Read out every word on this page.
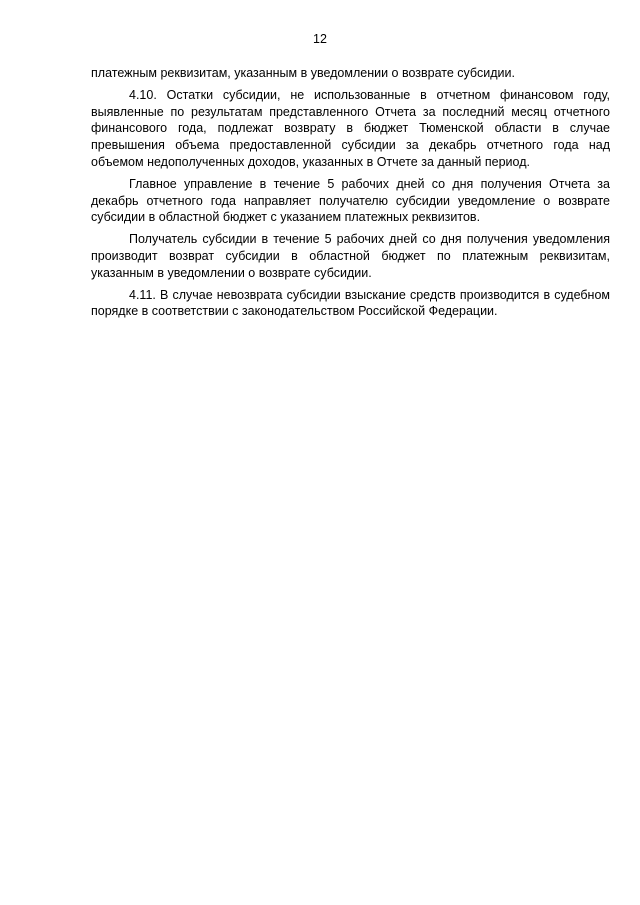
12

платежным реквизитам, указанным в уведомлении о возврате субсидии.

4.10. Остатки субсидии, не использованные в отчетном финансовом году, выявленные по результатам представленного Отчета за последний месяц отчетного финансового года, подлежат возврату в бюджет Тюменской области в случае превышения объема предоставленной субсидии за декабрь отчетного года над объемом недополученных доходов, указанных в Отчете за данный период.

Главное управление в течение 5 рабочих дней со дня получения Отчета за декабрь отчетного года направляет получателю субсидии уведомление о возврате субсидии в областной бюджет с указанием платежных реквизитов.

Получатель субсидии в течение 5 рабочих дней со дня получения уведомления производит возврат субсидии в областной бюджет по платежным реквизитам, указанным в уведомлении о возврате субсидии.

4.11. В случае невозврата субсидии взыскание средств производится в судебном порядке в соответствии с законодательством Российской Федерации.
